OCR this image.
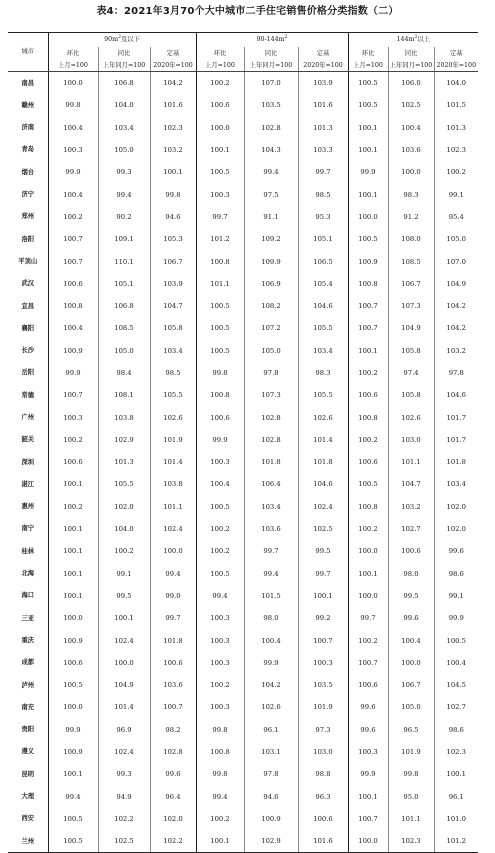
表4：2021年3月70个大中城市二手住宅销售价格分类指数（二）
城市	$90m^2$及以下			$90-144m^2$			$144m^2$以上		
	环比	同比	定基	环比	同比	定基	环比	同比	定基
	上月=100	上年同月=100	2020年=100	上月=100	上年同月=100	2020年=100	上月=100	上年同月=100	2020年=100
南昌	100.0	106.8	104.2	100.2	107.0	103.9	100.5	106.0	104.0
赣州	99.8	104.0	101.6	100.6	103.5	101.6	100.5	102.5	101.5
济南	100.4	103.4	102.3	100.0	102.8	101.3	100.1	100.4	101.3
青岛	100.3	105.0	103.2	100.1	104.3	103.3	100.1	103.6	102.3
烟台	99.9	99.3	100.1	100.5	99.4	99.7	99.9	100.0	100.2
济宁	100.4	99.4	99.8	100.3	97.5	98.5	100.1	98.3	99.1
郑州	100.2	90.2	94.6	99.7	91.1	95.3	100.0	91.2	95.4
洛阳	100.7	109.1	105.3	101.2	109.2	105.1	100.5	108.0	105.0
平顶山	100.7	110.1	106.7	100.8	109.9	106.5	100.9	108.5	107.0
武汉	100.6	105.1	103.9	101.1	106.9	105.4	100.8	106.7	104.9
宜昌	100.8	106.8	104.7	100.5	108.2	104.6	100.7	107.3	104.2
襄阳	100.4	108.5	105.8	100.5	107.2	105.5	100.7	104.9	104.2
长沙	100.9	105.0	103.4	100.5	105.0	103.4	100.1	105.8	103.2
岳阳	99.9	98.4	98.5	99.8	97.8	98.3	100.2	97.4	97.8
常德	100.7	108.1	105.5	100.8	107.3	105.5	100.6	105.8	104.6
广州	100.3	103.8	102.6	100.6	102.8	102.6	100.8	102.6	101.7
韶关	100.2	102.9	101.9	99.9	102.8	101.4	100.2	103.0	101.7
深圳	100.6	101.3	101.4	100.3	101.8	101.8	100.6	101.1	101.8
湛江	100.1	105.5	103.8	100.4	106.4	104.6	100.5	104.7	103.4
惠州	100.2	102.0	101.1	100.5	103.4	102.4	100.8	103.2	102.0
南宁	100.1	104.0	102.4	100.2	103.6	102.5	100.2	102.7	102.0
桂林	100.1	100.2	100.0	100.2	99.7	99.5	100.0	100.6	99.6
北海	100.1	99.1	99.4	100.5	99.4	99.7	100.1	98.0	98.6
海口	100.1	99.5	99.0	99.4	101.5	100.1	100.0	99.5	99.1
三亚	100.0	100.1	99.7	100.3	98.0	99.2	99.7	99.6	99.9
重庆	100.9	102.4	101.8	100.3	100.4	100.7	100.2	100.4	100.5
成都	100.6	100.0	100.6	100.3	99.9	100.3	100.7	100.0	100.4
泸州	100.5	104.9	103.6	100.2	104.2	103.5	100.6	106.7	104.5
南充	100.0	101.4	100.7	100.3	102.6	101.9	99.6	105.0	102.7
贵阳	99.9	96.9	98.2	99.8	96.1	97.3	99.6	96.5	98.6
遵义	100.9	102.4	102.8	100.8	103.1	103.0	100.3	101.9	102.3
昆明	100.1	99.3	99.6	99.8	97.8	98.8	99.9	99.8	100.1
大理	99.4	94.9	96.4	99.4	94.6	96.3	100.1	95.0	96.1
西安	100.5	102.2	102.0	100.2	100.9	100.6	100.7	101.1	101.0
兰州	100.5	102.5	102.2	100.1	102.9	101.6	100.0	102.3	101.2
